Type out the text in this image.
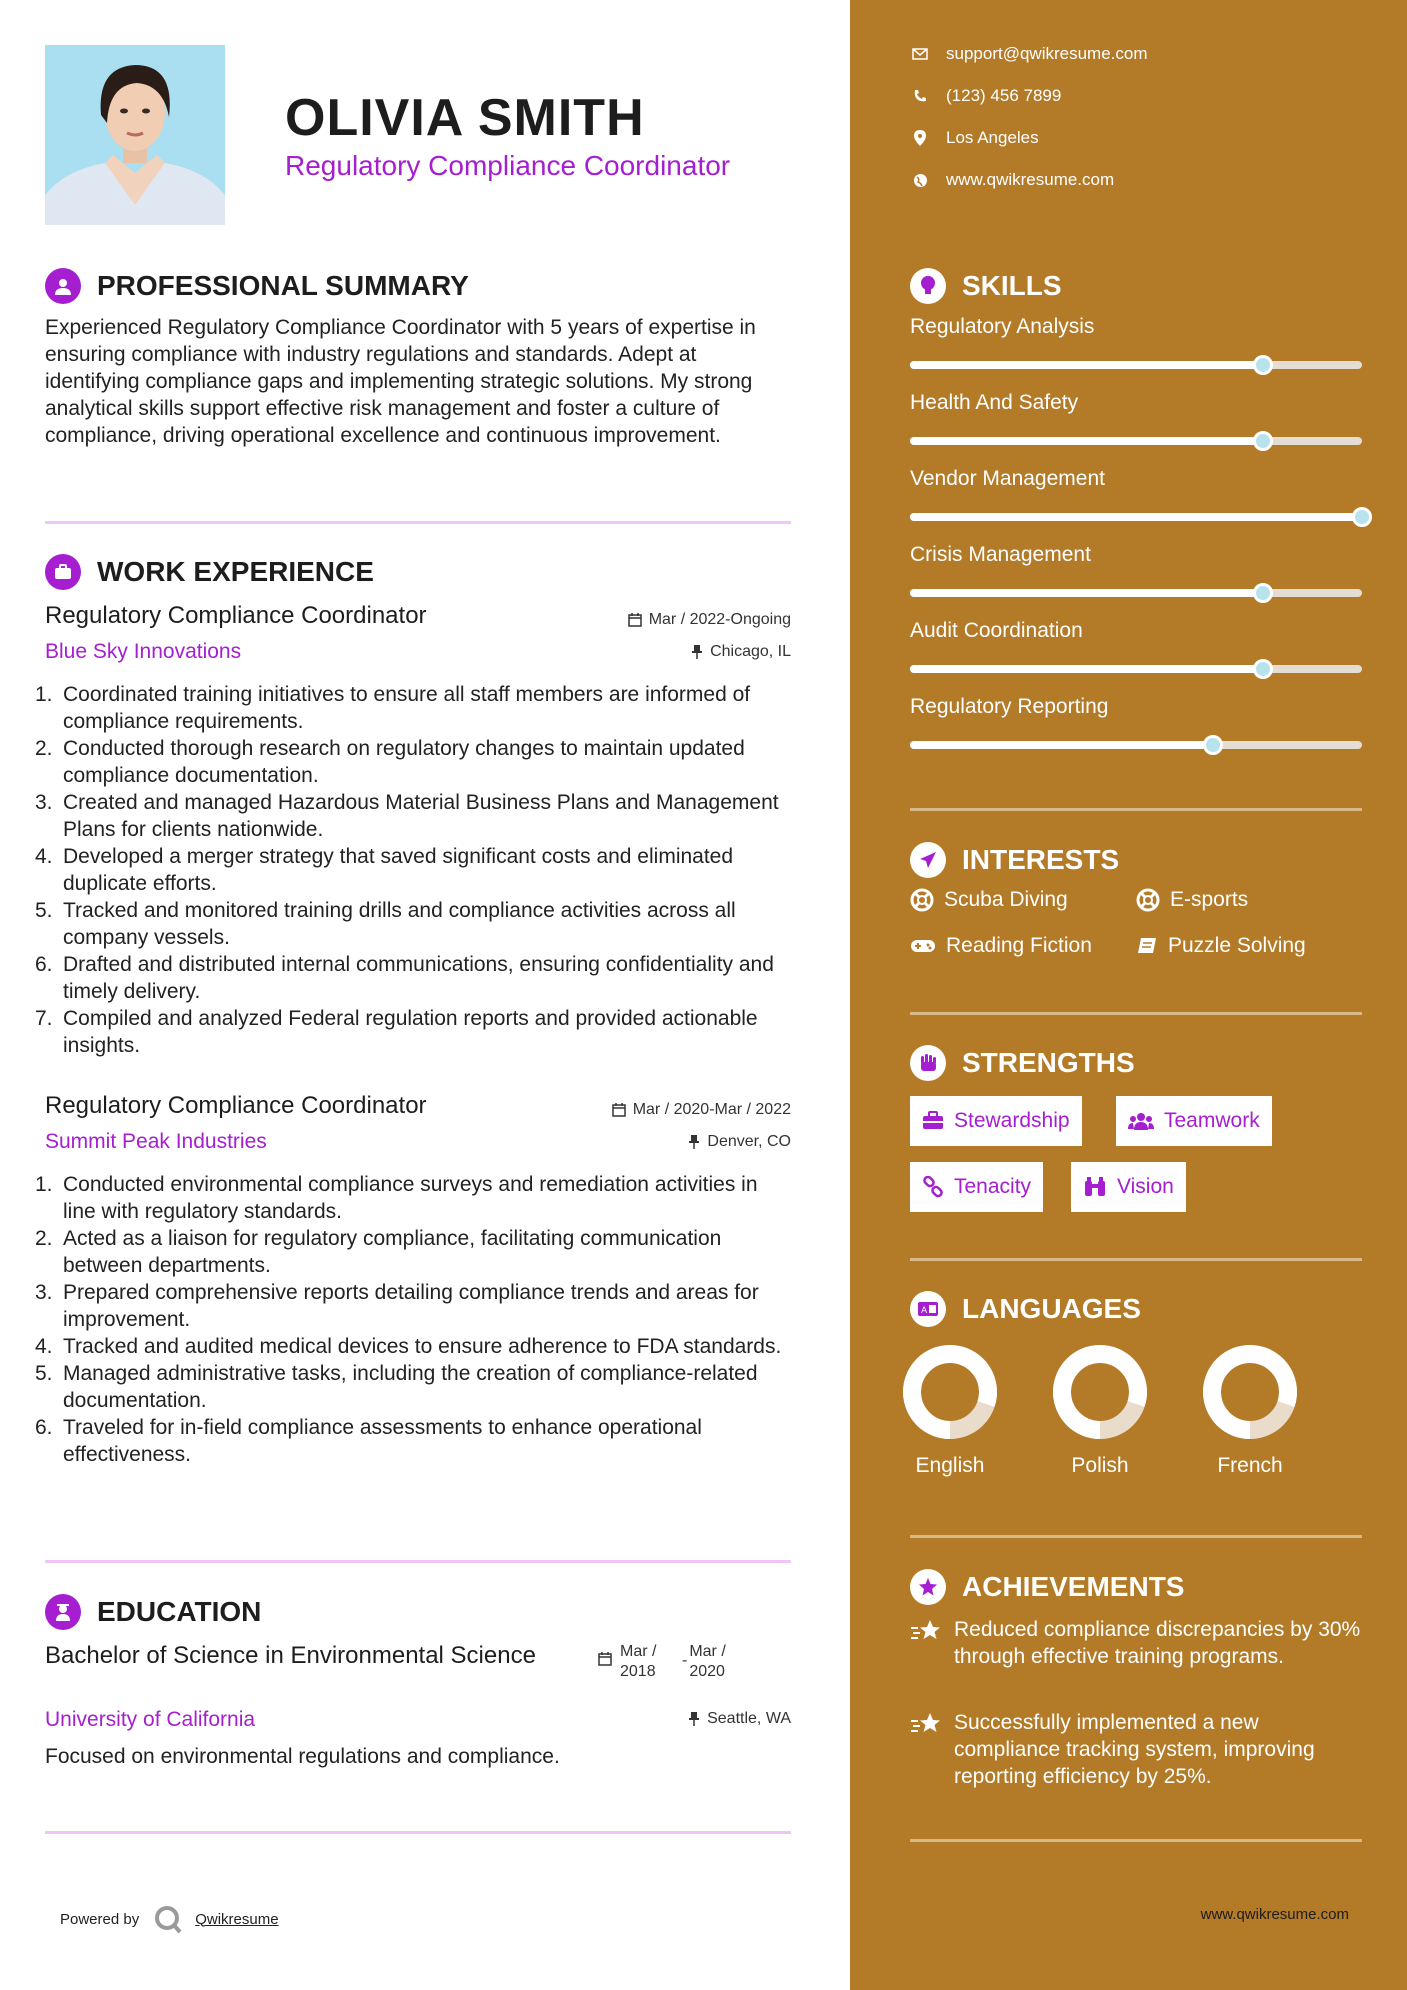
OLIVIA SMITH
Regulatory Compliance Coordinator
PROFESSIONAL SUMMARY
Experienced Regulatory Compliance Coordinator with 5 years of expertise in ensuring compliance with industry regulations and standards. Adept at identifying compliance gaps and implementing strategic solutions. My strong analytical skills support effective risk management and foster a culture of compliance, driving operational excellence and continuous improvement.
WORK EXPERIENCE
Regulatory Compliance Coordinator
Blue Sky Innovations
Mar / 2022-Ongoing
Chicago, IL
1. Coordinated training initiatives to ensure all staff members are informed of compliance requirements.
2. Conducted thorough research on regulatory changes to maintain updated compliance documentation.
3. Created and managed Hazardous Material Business Plans and Management Plans for clients nationwide.
4. Developed a merger strategy that saved significant costs and eliminated duplicate efforts.
5. Tracked and monitored training drills and compliance activities across all company vessels.
6. Drafted and distributed internal communications, ensuring confidentiality and timely delivery.
7. Compiled and analyzed Federal regulation reports and provided actionable insights.
Regulatory Compliance Coordinator
Summit Peak Industries
Mar / 2020-Mar / 2022
Denver, CO
1. Conducted environmental compliance surveys and remediation activities in line with regulatory standards.
2. Acted as a liaison for regulatory compliance, facilitating communication between departments.
3. Prepared comprehensive reports detailing compliance trends and areas for improvement.
4. Tracked and audited medical devices to ensure adherence to FDA standards.
5. Managed administrative tasks, including the creation of compliance-related documentation.
6. Traveled for in-field compliance assessments to enhance operational effectiveness.
EDUCATION
Bachelor of Science in Environmental Science	Mar / 2018
-
Mar / 2020
University of California	Seattle, WA
Focused on environmental regulations and compliance.
Powered by	Qwikresume
support@qwikresume.com
(123) 456 7899
Los Angeles
www.qwikresume.com
SKILLS
Regulatory Analysis
Health And Safety
Vendor Management
Crisis Management
Audit Coordination
Regulatory Reporting
INTERESTS
Scuba Diving	E-sports
Reading Fiction	Puzzle Solving
STRENGTHS
Stewardship	Teamwork
Tenacity	Vision
A LANGUAGES
English	Polish	French
ACHIEVEMENTS
Reduced compliance discrepancies by 30% through effective training programs.
Successfully implemented a new compliance tracking system, improving reporting efficiency by 25%.
www.qwikresume.com
